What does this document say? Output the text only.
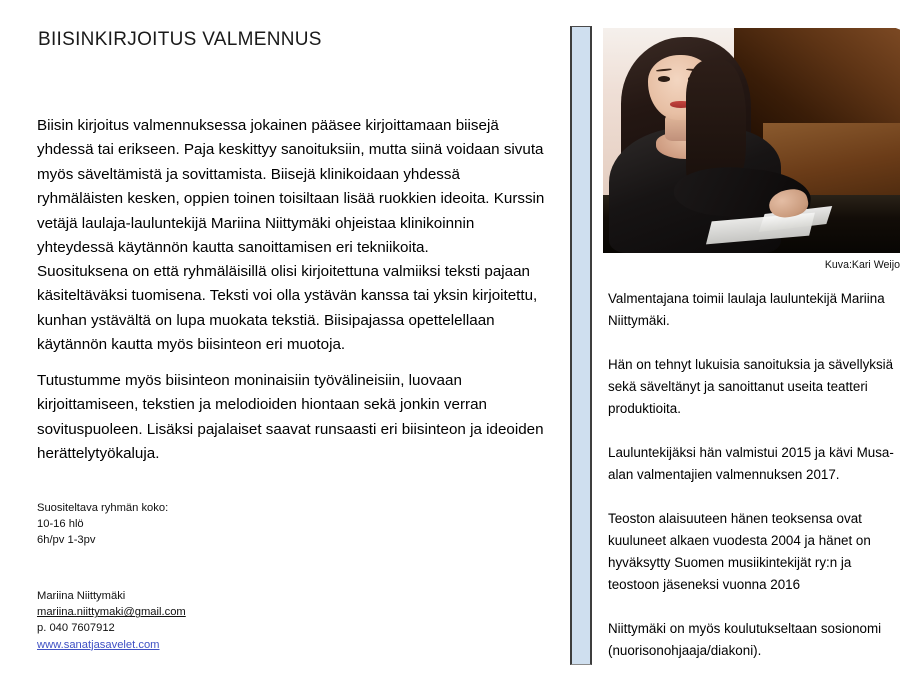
BIISINKIRJOITUS VALMENNUS
Biisin kirjoitus valmennuksessa jokainen pääsee kirjoittamaan biisejä yhdessä tai erikseen. Paja keskittyy sanoituksiin, mutta siinä voidaan sivuta myös säveltämistä ja sovittamista. Biisejä klinikoidaan yhdessä ryhmäläisten kesken, oppien toinen toisiltaan lisää ruokkien ideoita. Kurssin vetäjä laulaja-lauluntekijä Mariina Niittymäki ohjeistaa klinikoinnin yhteydessä käytännön kautta sanoittamisen eri tekniikoita.
Suosituksena on että ryhmäläisillä olisi kirjoitettuna valmiiksi teksti pajaan käsiteltäväksi tuomisena. Teksti voi olla ystävän kanssa tai yksin kirjoitettu, kunhan ystävältä on lupa muokata tekstiä. Biisipajassa opettelellaan käytännön kautta myös biisinteon eri muotoja.
Tutustumme myös biisinteon moninaisiin työvälineisiin, luovaan kirjoittamiseen, tekstien ja melodioiden hiontaan sekä jonkin verran sovituspuoleen. Lisäksi pajalaiset saavat runsaasti eri biisinteon ja ideoiden herättelytyökaluja.
Suositeltava ryhmän koko:
10-16 hlö
6h/pv 1-3pv
Mariina Niittymäki
mariina.niittymaki@gmail.com
p. 040 7607912
www.sanatjasavelet.com
Kuva:Kari Weijo

Valmentajana toimii laulaja lauluntekijä Mariina Niittymäki.

Hän on tehnyt lukuisia sanoituksia ja sävellyksiä sekä säveltänyt ja sanoittanut useita teatteri produktioita.

Lauluntekijäksi hän valmistui 2015 ja kävi Musa-alan valmentajien valmennuksen 2017.

Teoston alaisuuteen hänen teoksensa ovat kuuluneet alkaen vuodesta 2004 ja hänet on hyväksytty Suomen musiikintekijät ry:n ja teostoon jäseneksi vuonna 2016

Niittymäki on myös koulutukseltaan sosionomi (nuorisonohjaaja/diakoni).
